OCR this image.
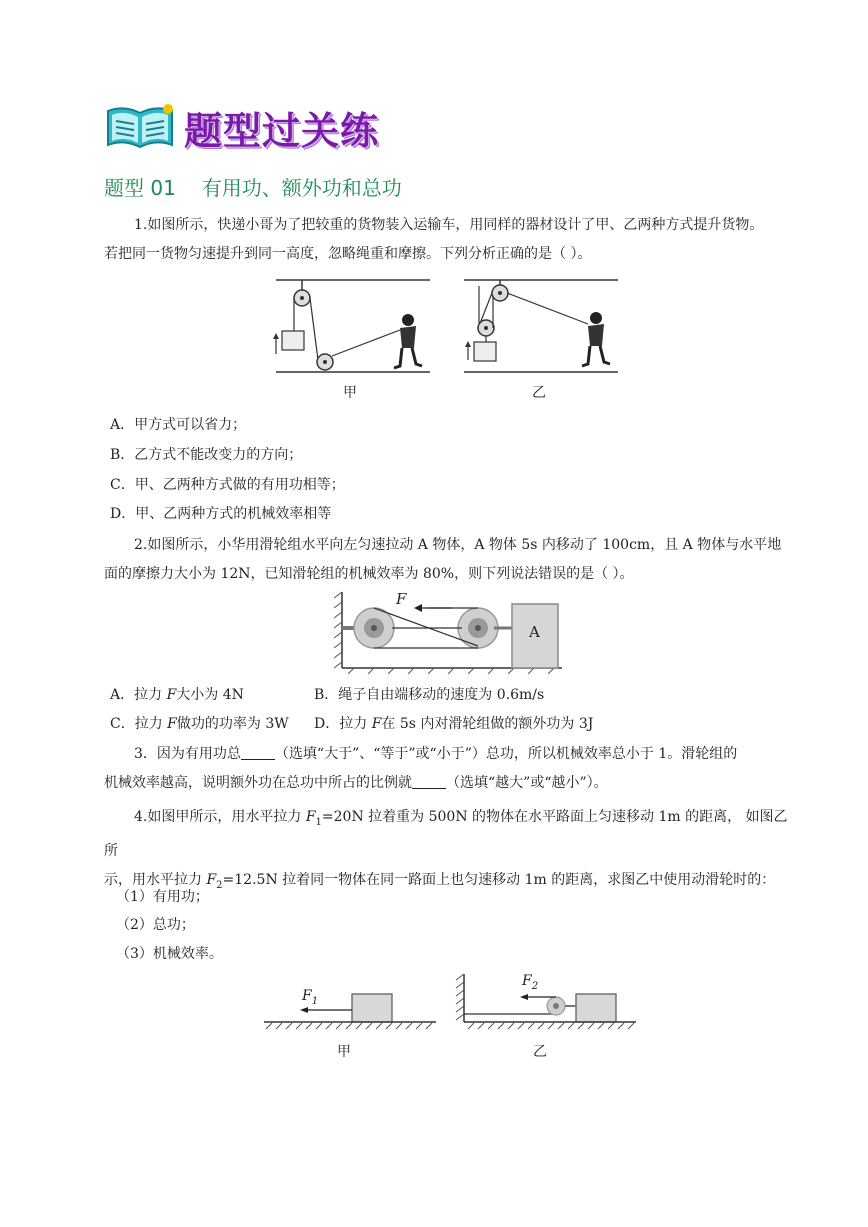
题型过关练
题型 01 有用功、额外功和总功
1.如图所示，快递小哥为了把较重的货物装入运输车，用同样的器材设计了甲、乙两种方式提升货物。
若把同一货物匀速提升到同一高度，忽略绳重和摩擦。下列分析正确的是（ ）。
甲	乙
A．甲方式可以省力；
B．乙方式不能改变力的方向；
C．甲、乙两种方式做的有用功相等；
D．甲、乙两种方式的机械效率相等
2.如图所示，小华用滑轮组水平向左匀速拉动 A 物体，A 物体 5s 内移动了 100cm，且 A 物体与水平地
面的摩擦力大小为 12N，已知滑轮组的机械效率为 80%，则下列说法错误的是（ ）。
F
A
A．拉力 F大小为 4N	B．绳子自由端移动的速度为 0.6m/s
C．拉力 F做功的功率为 3W D．拉力 F在 5s 内对滑轮组做的额外功为 3J
3．因为有用功总 （选填“大于”、“等于”或“小于”）总功，所以机械效率总小于 1。滑轮组的
机械效率越高，说明额外功在总功中所占的比例就 （选填“越大”或“越小”）。
4.如图甲所示，用水平拉力 $F_1=20N$ 拉着重为 500N 的物体在水平路面上匀速移动 1m 的距离， 如图乙所
示，用水平拉力 $F_2=12.5N$ 拉着同一物体在同一路面上也匀速移动 1m 的距离，求图乙中使用动滑轮时的：
（1）有用功；
（2）总功；
（3）机械效率。
$F_1$
甲
$F_2$
乙
